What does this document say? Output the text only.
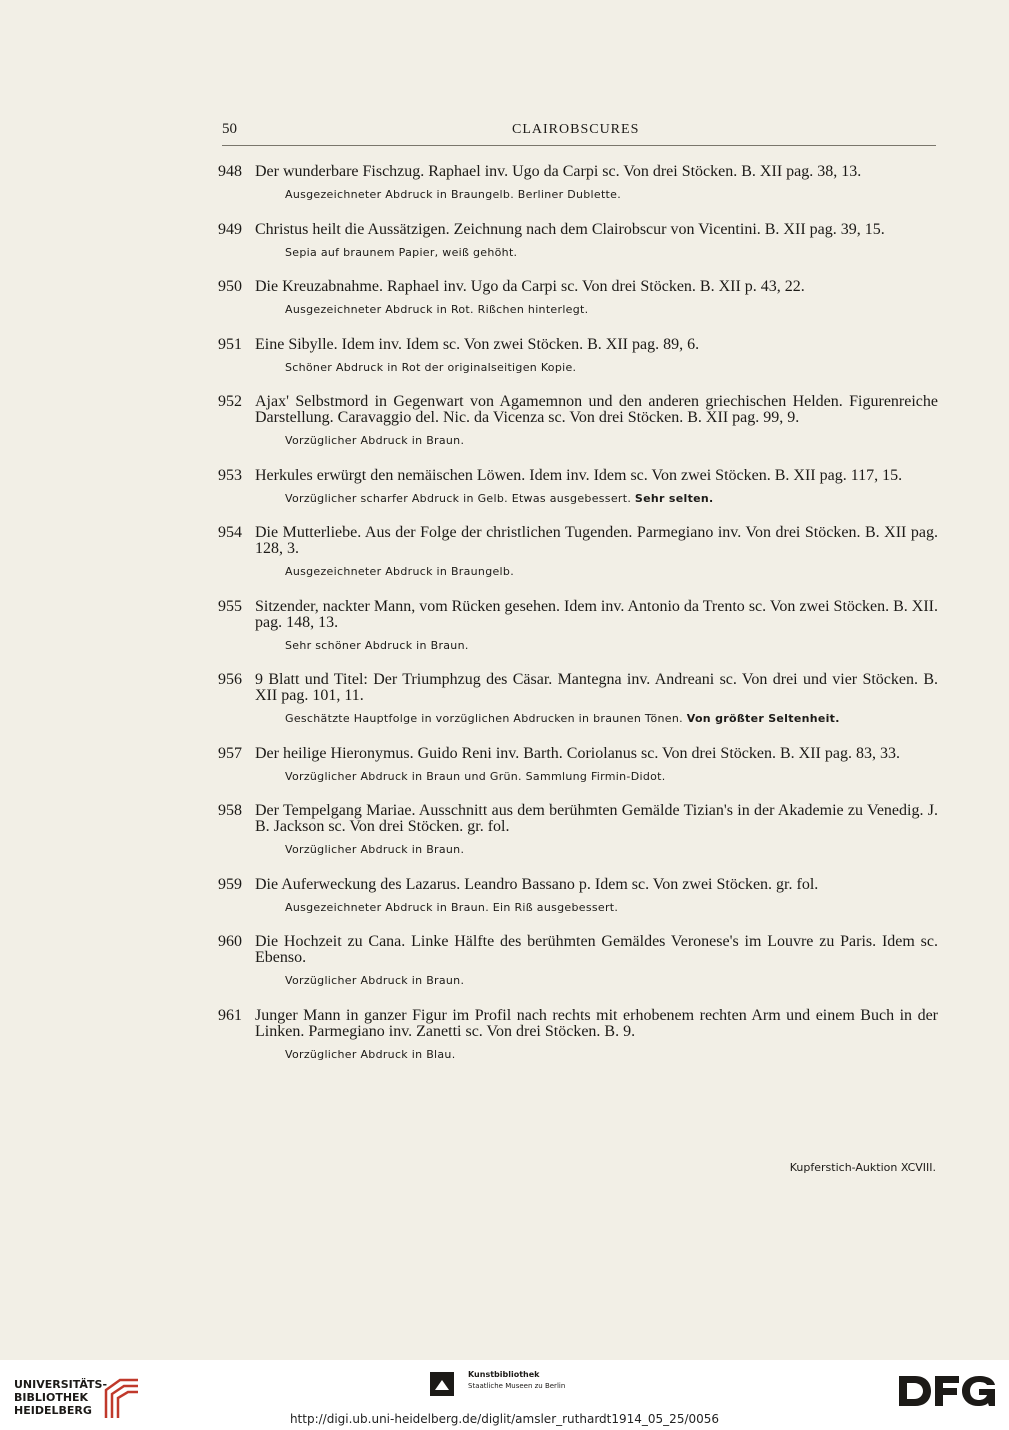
50	CLAIROBSCURES
948 Der wunderbare Fischzug. Raphael inv. Ugo da Carpi sc. Von drei Stöcken. B. XII pag. 38, 13.
Ausgezeichneter Abdruck in Braungelb. Berliner Dublette.
949 Christus heilt die Aussätzigen. Zeichnung nach dem Clairobscur von Vicentini. B. XII pag. 39, 15.
Sepia auf braunem Papier, weiß gehöht.
950 Die Kreuzabnahme. Raphael inv. Ugo da Carpi sc. Von drei Stöcken. B. XII p. 43, 22.
Ausgezeichneter Abdruck in Rot. Rißchen hinterlegt.
951 Eine Sibylle. Idem inv. Idem sc. Von zwei Stöcken. B. XII pag. 89, 6.
Schöner Abdruck in Rot der originalseitigen Kopie.
952 Ajax' Selbstmord in Gegenwart von Agamemnon und den anderen griechischen Helden. Figurenreiche Darstellung. Caravaggio del. Nic. da Vicenza sc. Von drei Stöcken. B. XII pag. 99, 9.
Vorzüglicher Abdruck in Braun.
953 Herkules erwürgt den nemäischen Löwen. Idem inv. Idem sc. Von zwei Stöcken. B. XII pag. 117, 15.
Vorzüglicher scharfer Abdruck in Gelb. Etwas ausgebessert. Sehr selten.
954 Die Mutterliebe. Aus der Folge der christlichen Tugenden. Parmegiano inv. Von drei Stöcken. B. XII pag. 128, 3.
Ausgezeichneter Abdruck in Braungelb.
955 Sitzender, nackter Mann, vom Rücken gesehen. Idem inv. Antonio da Trento sc. Von zwei Stöcken. B. XII. pag. 148, 13.
Sehr schöner Abdruck in Braun.
956 9 Blatt und Titel: Der Triumphzug des Cäsar. Mantegna inv. Andreani sc. Von drei und vier Stöcken. B. XII pag. 101, 11.
Geschätzte Hauptfolge in vorzüglichen Abdrucken in braunen Tönen. Von größter Seltenheit.
957 Der heilige Hieronymus. Guido Reni inv. Barth. Coriolanus sc. Von drei Stöcken. B. XII pag. 83, 33.
Vorzüglicher Abdruck in Braun und Grün. Sammlung Firmin-Didot.
958 Der Tempelgang Mariae. Ausschnitt aus dem berühmten Gemälde Tizian's in der Akademie zu Venedig. J. B. Jackson sc. Von drei Stöcken. gr. fol.
Vorzüglicher Abdruck in Braun.
959 Die Auferweckung des Lazarus. Leandro Bassano p. Idem sc. Von zwei Stöcken. gr. fol.
Ausgezeichneter Abdruck in Braun. Ein Riß ausgebessert.
960 Die Hochzeit zu Cana. Linke Hälfte des berühmten Gemäldes Veronese's im Louvre zu Paris. Idem sc. Ebenso.
Vorzüglicher Abdruck in Braun.
961 Junger Mann in ganzer Figur im Profil nach rechts mit erhobenem rechten Arm und einem Buch in der Linken. Parmegiano inv. Zanetti sc. Von drei Stöcken. B. 9.
Vorzüglicher Abdruck in Blau.
Kupferstich-Auktion XCVIII.
UNIVERSITÄTS-
BIBLIOTHEK
HEIDELBERG
Kunstbibliothek
Staatliche Museen zu Berlin
http://digi.ub.uni-heidelberg.de/diglit/amsler_ruthardt1914_05_25/0056
